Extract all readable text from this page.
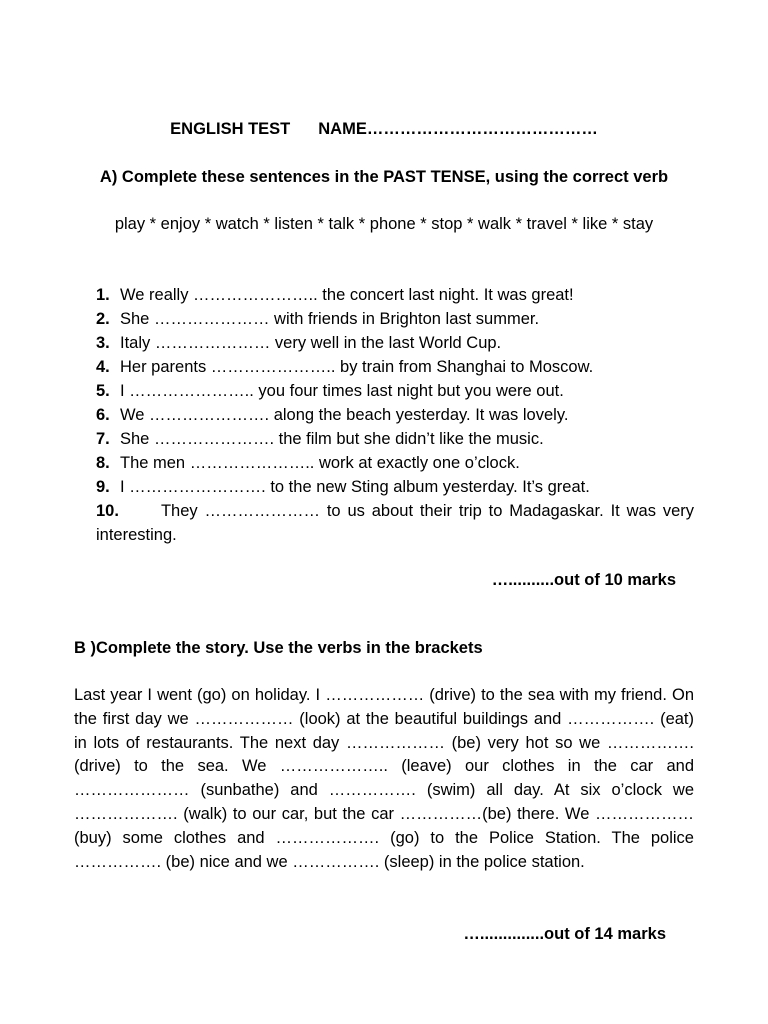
ENGLISH TEST NAME……………………………………
A) Complete these sentences in the PAST TENSE, using the correct verb
play * enjoy * watch * listen * talk * phone * stop * walk * travel * like * stay
1. We really ………………….. the concert last night. It was great!
2. She ………………… with friends in Brighton last summer.
3. Italy ………………… very well in the last World Cup.
4. Her parents ………………….. by train from Shanghai to Moscow.
5. I ………………….. you four times last night but you were out.
6. We …………………. along the beach yesterday. It was lovely.
7. She …………………. the film but she didn’t like the music.
8. The men ………………….. work at exactly one o’clock.
9. I ……………………. to the new Sting album yesterday. It’s great.
10.	They ………………… to us about their trip to Madagaskar. It was very interesting.
…..........out of 10 marks
B )Complete the story. Use the verbs in the brackets
Last year I went (go) on holiday. I ……………… (drive) to the sea with my friend. On the first day we ……………… (look) at the beautiful buildings and ……………. (eat) in lots of restaurants. The next day ……………… (be) very hot so we ……………. (drive) to the sea. We ……………….. (leave) our clothes in the car and ………………… (sunbathe) and ……………. (swim) all day. At six o’clock we ………………. (walk) to our car, but the car ……………(be) there. We ……………… (buy) some clothes and ………………. (go) to the Police Station. The police ……………. (be) nice and we ……………. (sleep) in the police station.
…..............out of 14 marks
